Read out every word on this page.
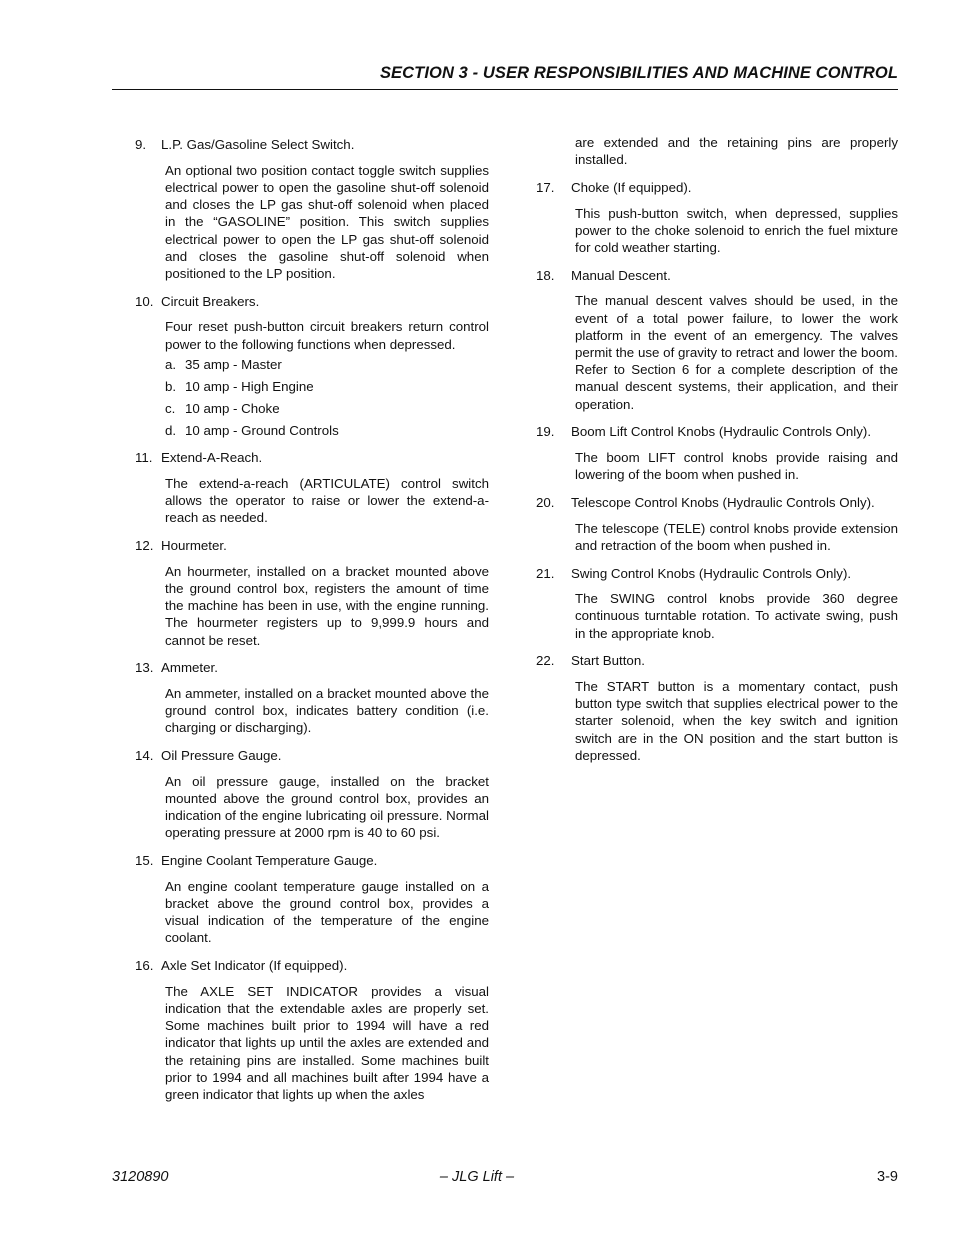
SECTION 3 - USER RESPONSIBILITIES AND MACHINE CONTROL
9.	L.P. Gas/Gasoline Select Switch.
An optional two position contact toggle switch supplies electrical power to open the gasoline shut-off solenoid and closes the LP gas shut-off solenoid when placed in the “GASOLINE” position. This switch supplies electrical power to open the LP gas shut-off solenoid and closes the gasoline shut-off solenoid when positioned to the LP position.
10. Circuit Breakers.
Four reset push-button circuit breakers return control power to the following functions when depressed.
a. 35 amp - Master
b. 10 amp - High Engine
c. 10 amp - Choke
d. 10 amp - Ground Controls
11. Extend-A-Reach.
The extend-a-reach (ARTICULATE) control switch allows the operator to raise or lower the extend-a-reach as needed.
12. Hourmeter.
An hourmeter, installed on a bracket mounted above the ground control box, registers the amount of time the machine has been in use, with the engine running. The hourmeter registers up to 9,999.9 hours and cannot be reset.
13. Ammeter.
An ammeter, installed on a bracket mounted above the ground control box, indicates battery condition (i.e. charging or discharging).
14. Oil Pressure Gauge.
An oil pressure gauge, installed on the bracket mounted above the ground control box, provides an indication of the engine lubricating oil pressure. Normal operating pressure at 2000 rpm is 40 to 60 psi.
15. Engine Coolant Temperature Gauge.
An engine coolant temperature gauge installed on a bracket above the ground control box, provides a visual indication of the temperature of the engine coolant.
16. Axle Set Indicator (If equipped).
The AXLE SET INDICATOR provides a visual indication that the extendable axles are properly set. Some machines built prior to 1994 will have a red indicator that lights up until the axles are extended and the retaining pins are installed. Some machines built prior to 1994 and all machines built after 1994 have a green indicator that lights up when the axles
are extended and the retaining pins are properly installed.
17.	Choke (If equipped).
This push-button switch, when depressed, supplies power to the choke solenoid to enrich the fuel mixture for cold weather starting.
18.	Manual Descent.
The manual descent valves should be used, in the event of a total power failure, to lower the work platform in the event of an emergency. The valves permit the use of gravity to retract and lower the boom. Refer to Section 6 for a complete description of the manual descent systems, their application, and their operation.
19.	Boom Lift Control Knobs (Hydraulic Controls Only).
The boom LIFT control knobs provide raising and lowering of the boom when pushed in.
20.	Telescope Control Knobs (Hydraulic Controls Only).
The telescope (TELE) control knobs provide extension and retraction of the boom when pushed in.
21.	Swing Control Knobs (Hydraulic Controls Only).
The SWING control knobs provide 360 degree continuous turntable rotation. To activate swing, push in the appropriate knob.
22.	Start Button.
The START button is a momentary contact, push button type switch that supplies electrical power to the starter solenoid, when the key switch and ignition switch are in the ON position and the start button is depressed.
3120890	– JLG Lift –	3-9
